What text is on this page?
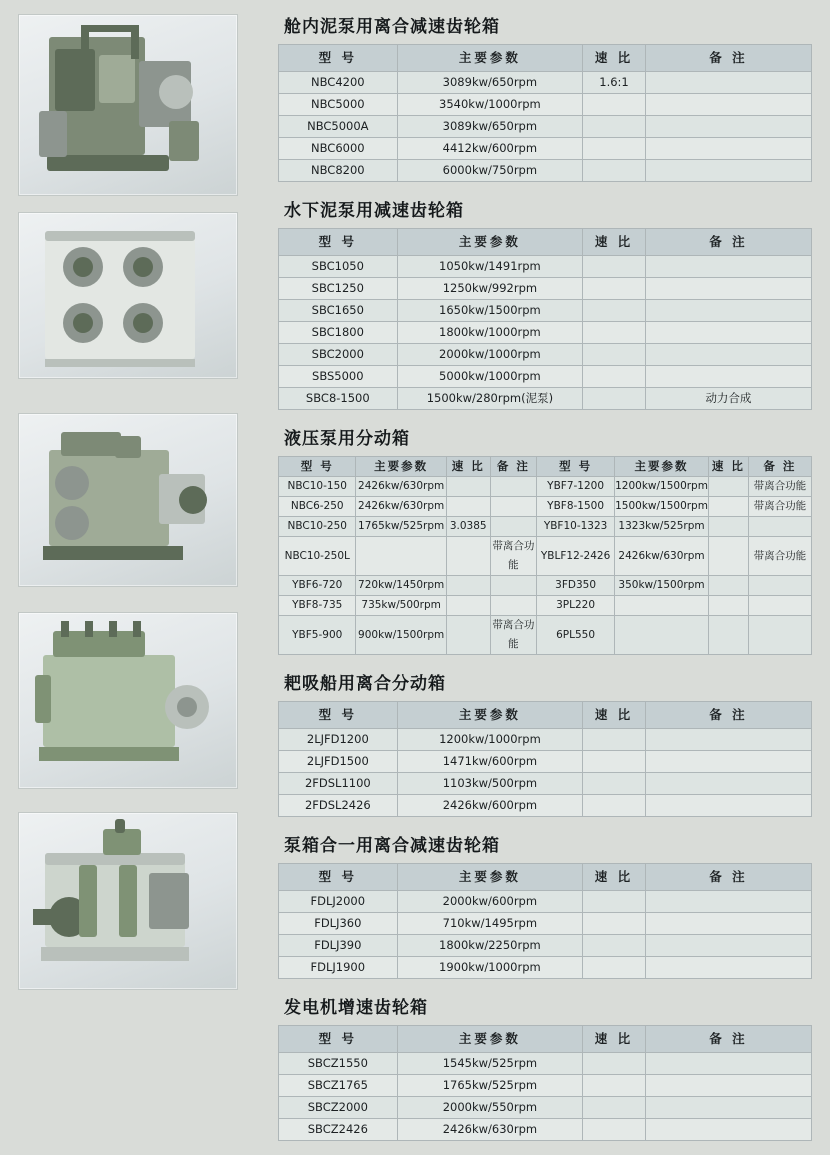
舱内泥泵用离合减速齿轮箱
型 号	主要参数	速 比	备 注
NBC4200	3089kw/650rpm	1.6:1	
NBC5000	3540kw/1000rpm		
NBC5000A	3089kw/650rpm		
NBC6000	4412kw/600rpm		
NBC8200	6000kw/750rpm		
水下泥泵用减速齿轮箱
型 号	主要参数	速 比	备 注
SBC1050	1050kw/1491rpm		
SBC1250	1250kw/992rpm		
SBC1650	1650kw/1500rpm		
SBC1800	1800kw/1000rpm		
SBC2000	2000kw/1000rpm		
SBS5000	5000kw/1000rpm		
SBC8-1500	1500kw/280rpm(泥泵)		动力合成
液压泵用分动箱
型 号	主要参数	速 比	备 注	型 号	主要参数	速 比	备 注
NBC10-150	2426kw/630rpm			YBF7-1200	1200kw/1500rpm		带离合功能
NBC6-250	2426kw/630rpm			YBF8-1500	1500kw/1500rpm		带离合功能
NBC10-250	1765kw/525rpm	3.0385		YBF10-1323	1323kw/525rpm		
NBC10-250L			带离合功能	YBLF12-2426	2426kw/630rpm		带离合功能
YBF6-720	720kw/1450rpm			3FD350	350kw/1500rpm		
YBF8-735	735kw/500rpm			3PL220			
YBF5-900	900kw/1500rpm		带离合功能	6PL550			
耙吸船用离合分动箱
型 号	主要参数	速 比	备 注
2LJFD1200	1200kw/1000rpm		
2LJFD1500	1471kw/600rpm		
2FDSL1100	1103kw/500rpm		
2FDSL2426	2426kw/600rpm		
泵箱合一用离合减速齿轮箱
型 号	主要参数	速 比	备 注
FDLJ2000	2000kw/600rpm		
FDLJ360	710kw/1495rpm		
FDLJ390	1800kw/2250rpm		
FDLJ1900	1900kw/1000rpm		
发电机增速齿轮箱
型 号	主要参数	速 比	备 注
SBCZ1550	1545kw/525rpm		
SBCZ1765	1765kw/525rpm		
SBCZ2000	2000kw/550rpm		
SBCZ2426	2426kw/630rpm		
